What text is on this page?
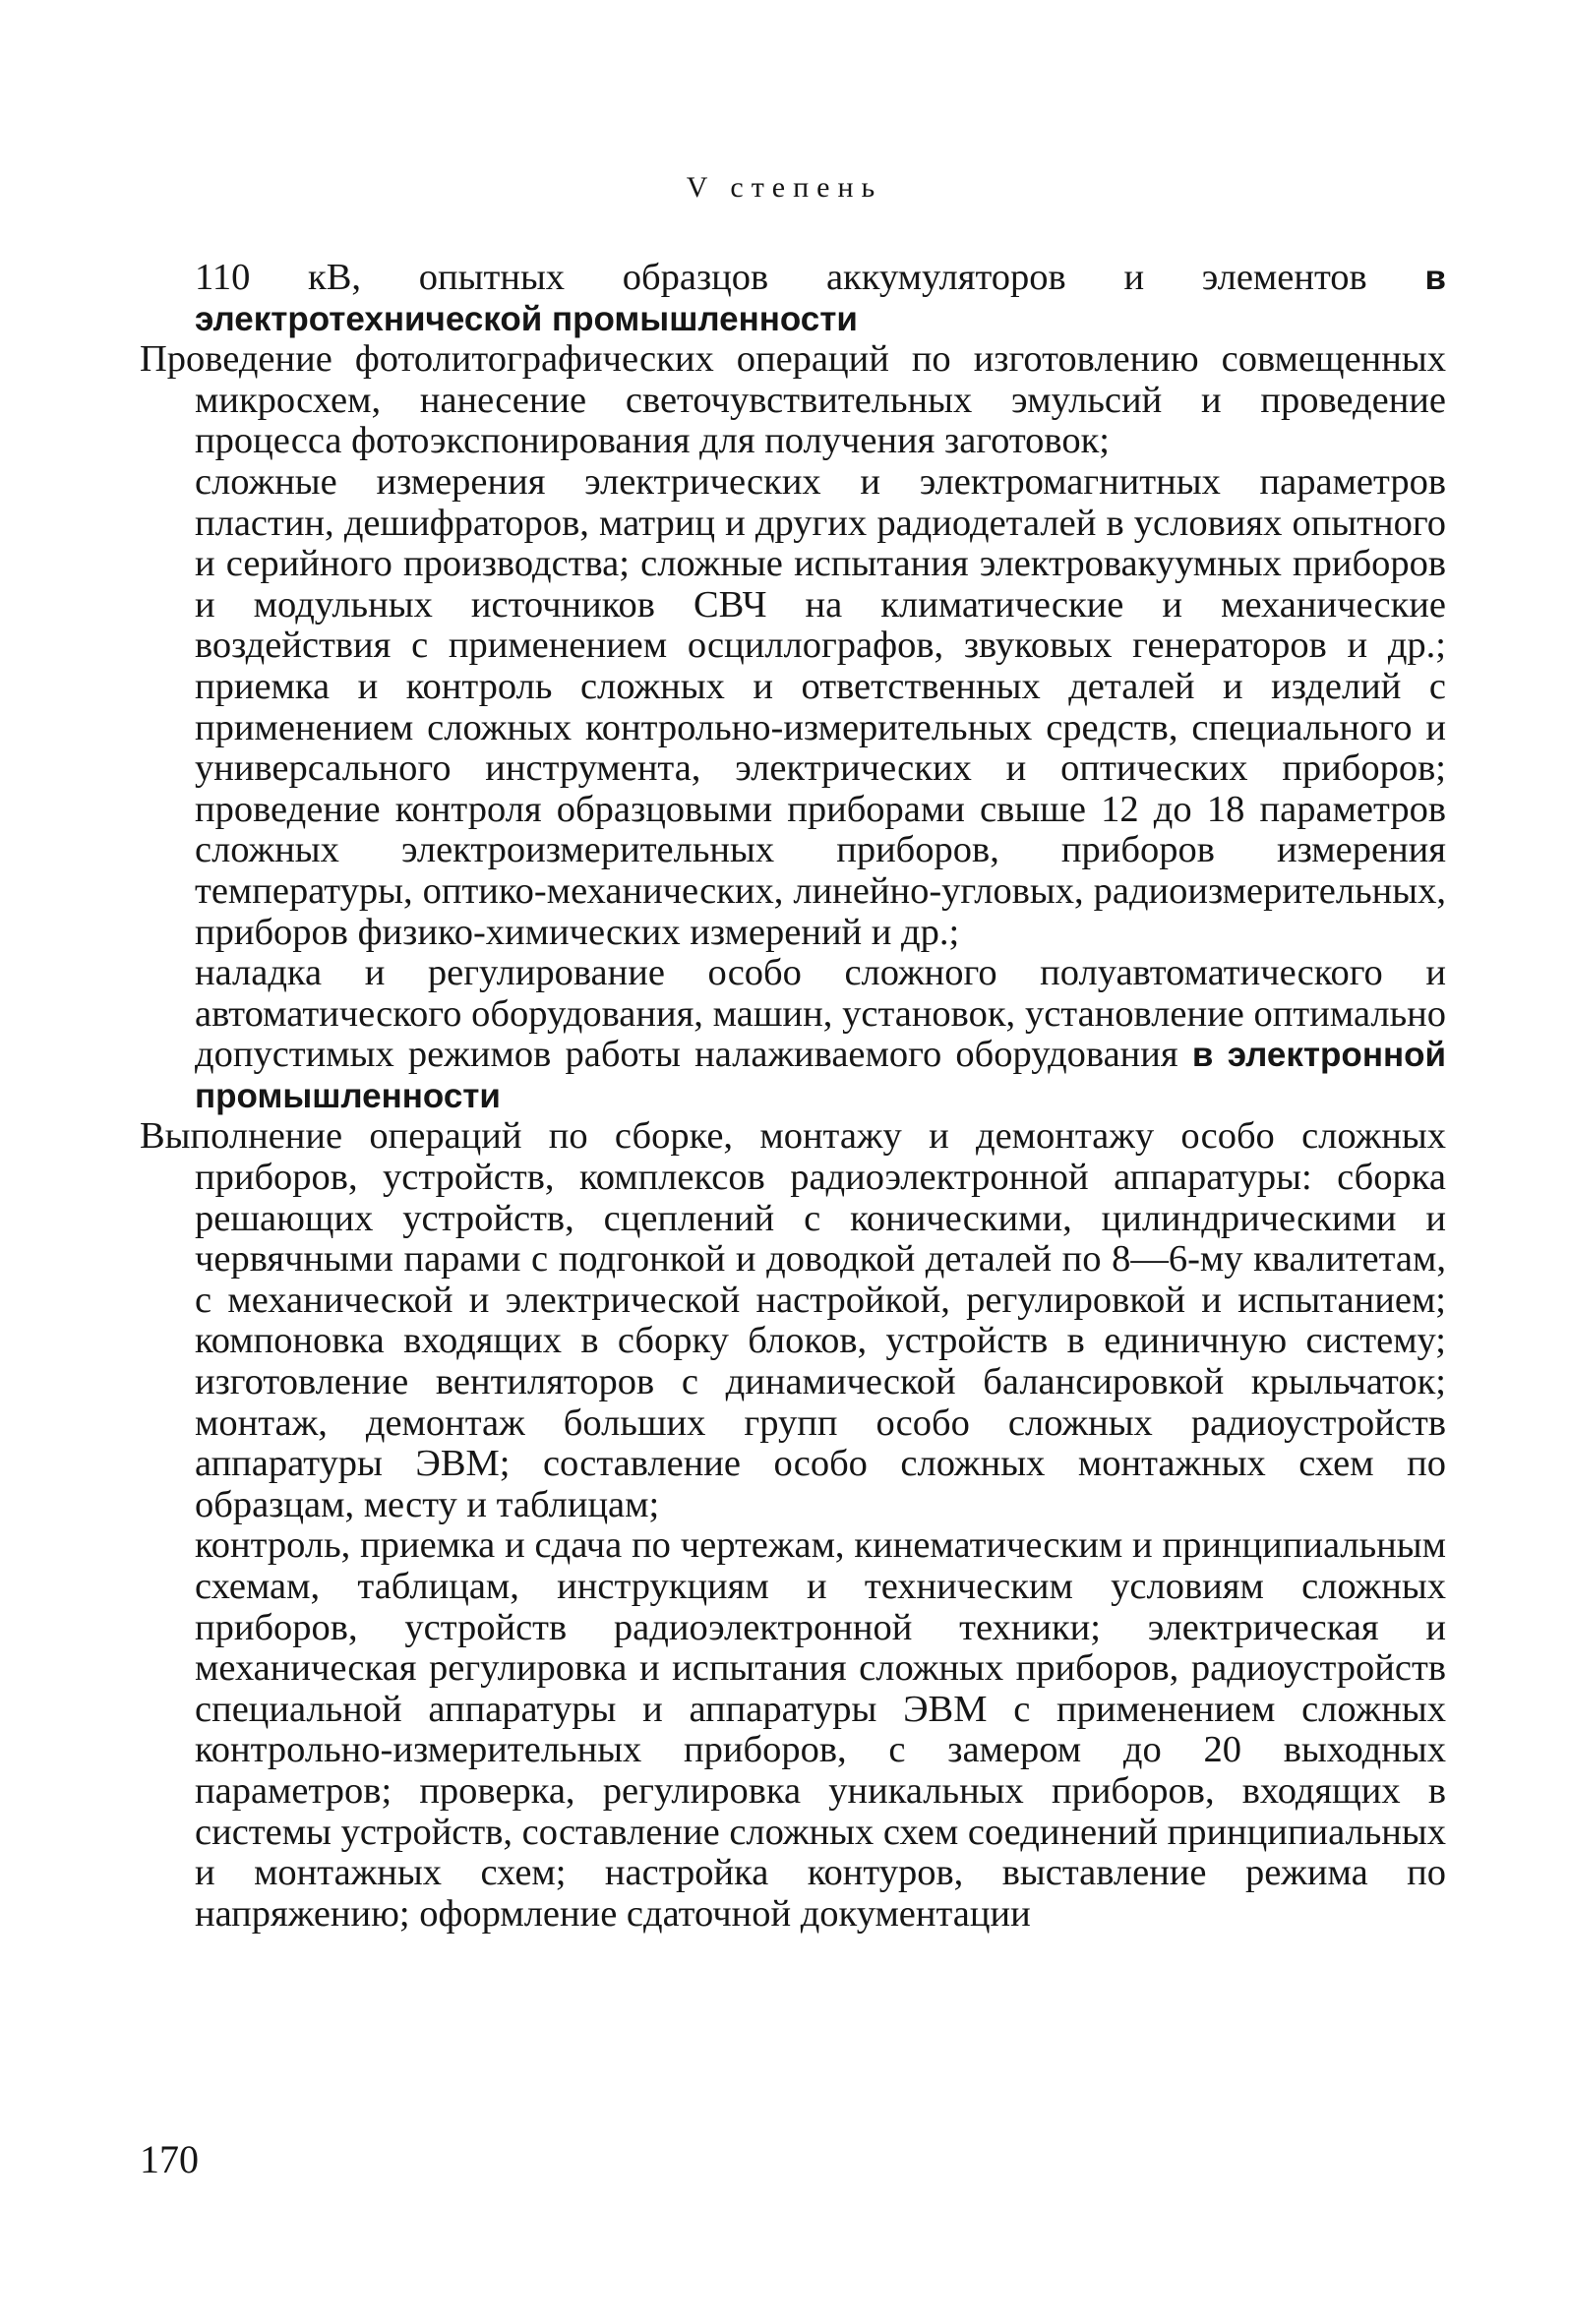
V степень

110 кВ, опытных образцов аккумуляторов и элементов в электротехнической промышленности

Проведение фотолитографических операций по изготовлению совмещенных микросхем, нанесение светочувствительных эмульсий и проведение процесса фотоэкспонирования для получения заготовок;

сложные измерения электрических и электромагнитных параметров пластин, дешифраторов, матриц и других радиодеталей в условиях опытного и серийного производства; сложные испытания электровакуумных приборов и модульных источников СВЧ на климатические и механические воздействия с применением осциллографов, звуковых генераторов и др.; приемка и контроль сложных и ответственных деталей и изделий с применением сложных контрольно-измерительных средств, специального и универсального инструмента, электрических и оптических приборов; проведение контроля образцовыми приборами свыше 12 до 18 параметров сложных электроизмерительных приборов, приборов измерения температуры, оптико-механических, линейно-угловых, радиоизмерительных, приборов физико-химических измерений и др.;

наладка и регулирование особо сложного полуавтоматического и автоматического оборудования, машин, установок, установление оптимально допустимых режимов работы налаживаемого оборудования в электронной промышленности

Выполнение операций по сборке, монтажу и демонтажу особо сложных приборов, устройств, комплексов радиоэлектронной аппаратуры: сборка решающих устройств, сцеплений с коническими, цилиндрическими и червячными парами с подгонкой и доводкой деталей по 8—6-му квалитетам, с механической и электрической настройкой, регулировкой и испытанием; компоновка входящих в сборку блоков, устройств в единичную систему; изготовление вентиляторов с динамической балансировкой крыльчаток; монтаж, демонтаж больших групп особо сложных радиоустройств аппаратуры ЭВМ; составление особо сложных монтажных схем по образцам, месту и таблицам;

контроль, приемка и сдача по чертежам, кинематическим и принципиальным схемам, таблицам, инструкциям и техническим условиям сложных приборов, устройств радиоэлектронной техники; электрическая и механическая регулировка и испытания сложных приборов, радиоустройств специальной аппаратуры и аппаратуры ЭВМ с применением сложных контрольно-измерительных приборов, с замером до 20 выходных параметров; проверка, регулировка уникальных приборов, входящих в системы устройств, составление сложных схем соединений принципиальных и монтажных схем; настройка контуров, выставление режима по напряжению; оформление сдаточной документации

170
